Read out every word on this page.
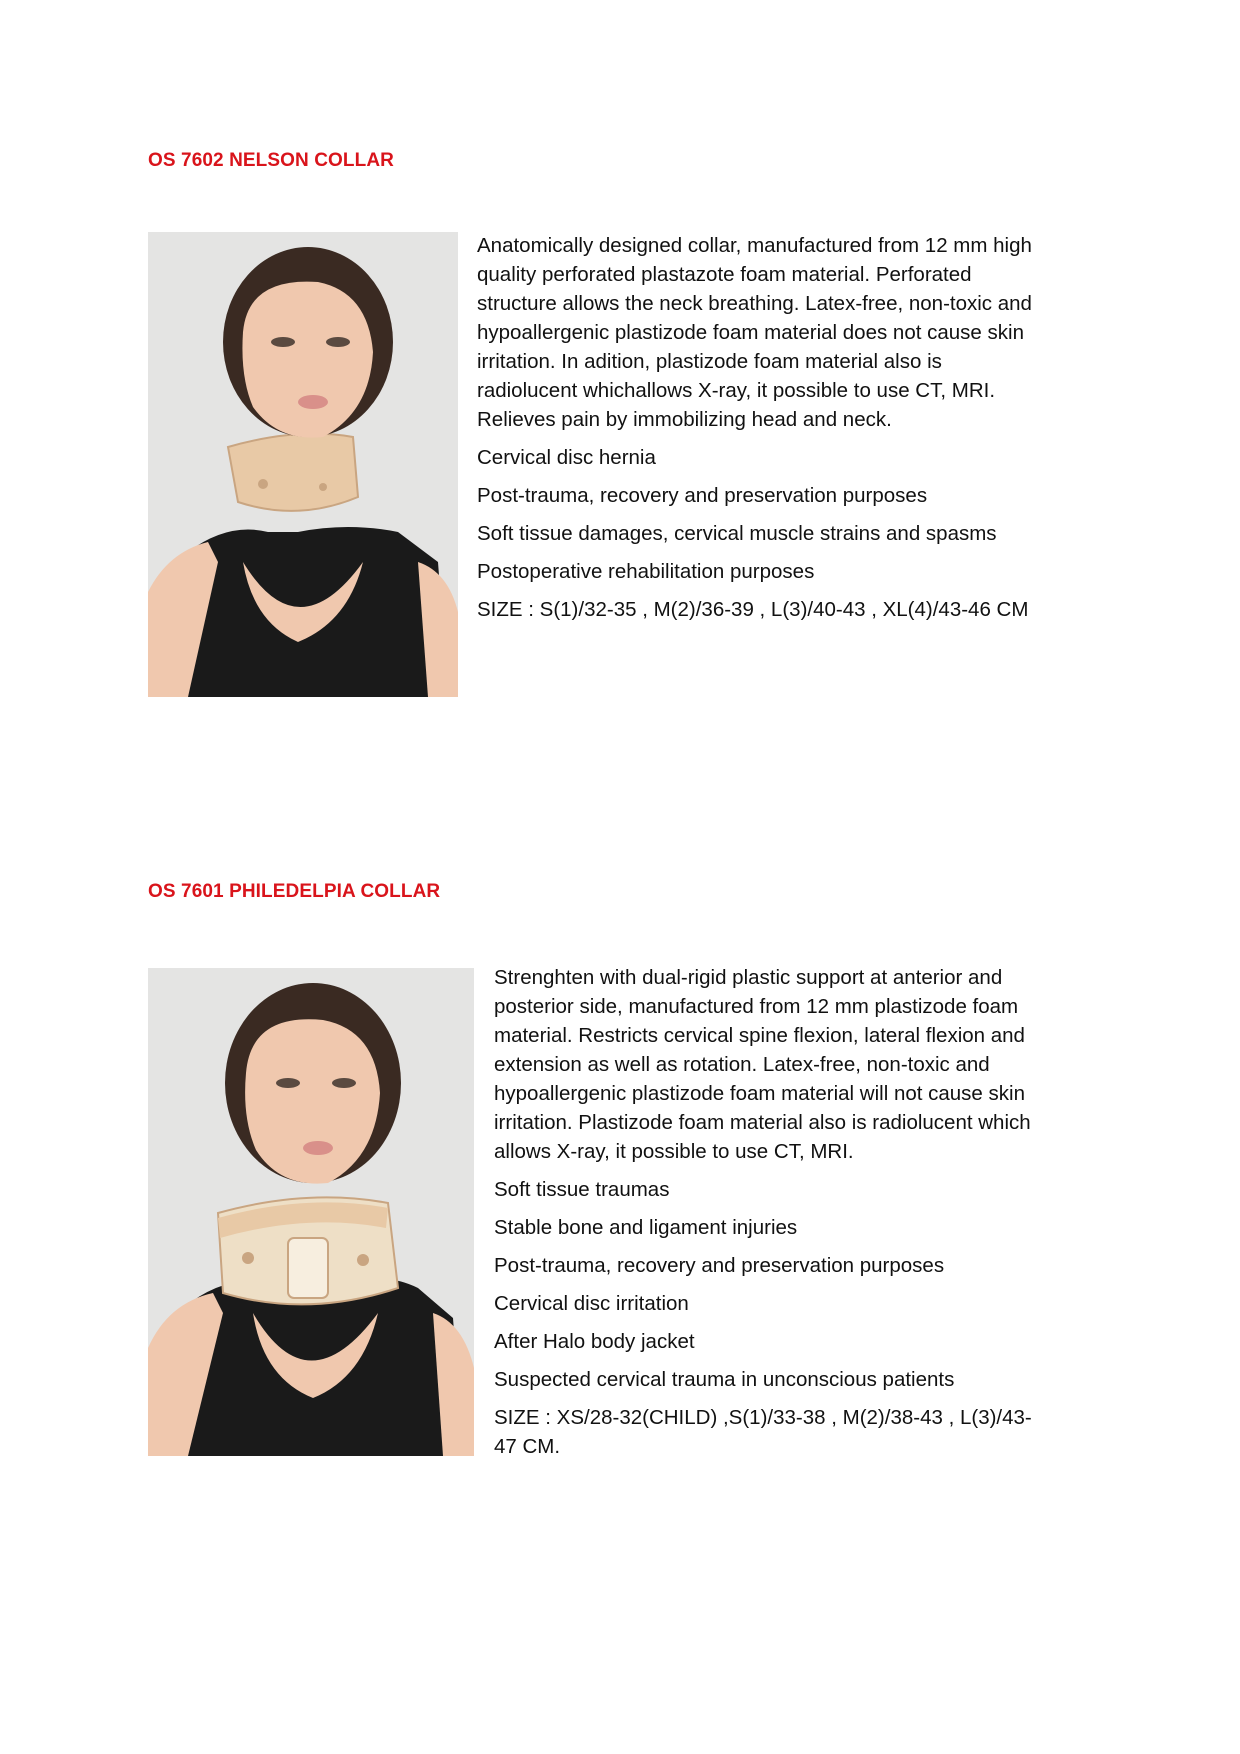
OS 7602 NELSON COLLAR

Anatomically designed collar, manufactured from 12 mm high

quality perforated plastazote foam material. Perforated

structure allows the neck breathing. Latex-free, non-toxic and

hypoallergenic plastizode foam material does not cause skin

irritation. In adition, plastizode foam material also is

radiolucent whichallows X-ray, it possible to use CT, MRI.

Relieves pain by immobilizing head and neck.

Cervical disc hernia

Post-trauma, recovery and preservation purposes

Soft tissue damages, cervical muscle strains and spasms

Postoperative rehabilitation purposes

SIZE : S(1)/32-35 , M(2)/36-39 , L(3)/40-43 , XL(4)/43-46 CM

OS 7601 PHILEDELPIA COLLAR

Strenghten with dual-rigid plastic support at anterior and

posterior side, manufactured from 12 mm plastizode foam

material. Restricts cervical spine flexion, lateral flexion and

extension as well as rotation. Latex-free, non-toxic and

hypoallergenic plastizode foam material will not cause skin

irritation. Plastizode foam material also is radiolucent which

allows X-ray, it possible to use CT, MRI.

Soft tissue traumas

Stable bone and ligament injuries

Post-trauma, recovery and preservation purposes

Cervical disc irritation

After Halo body jacket

Suspected cervical trauma in unconscious patients

SIZE : XS/28-32(CHILD) ,S(1)/33-38 , M(2)/38-43 , L(3)/43-47 CM.
